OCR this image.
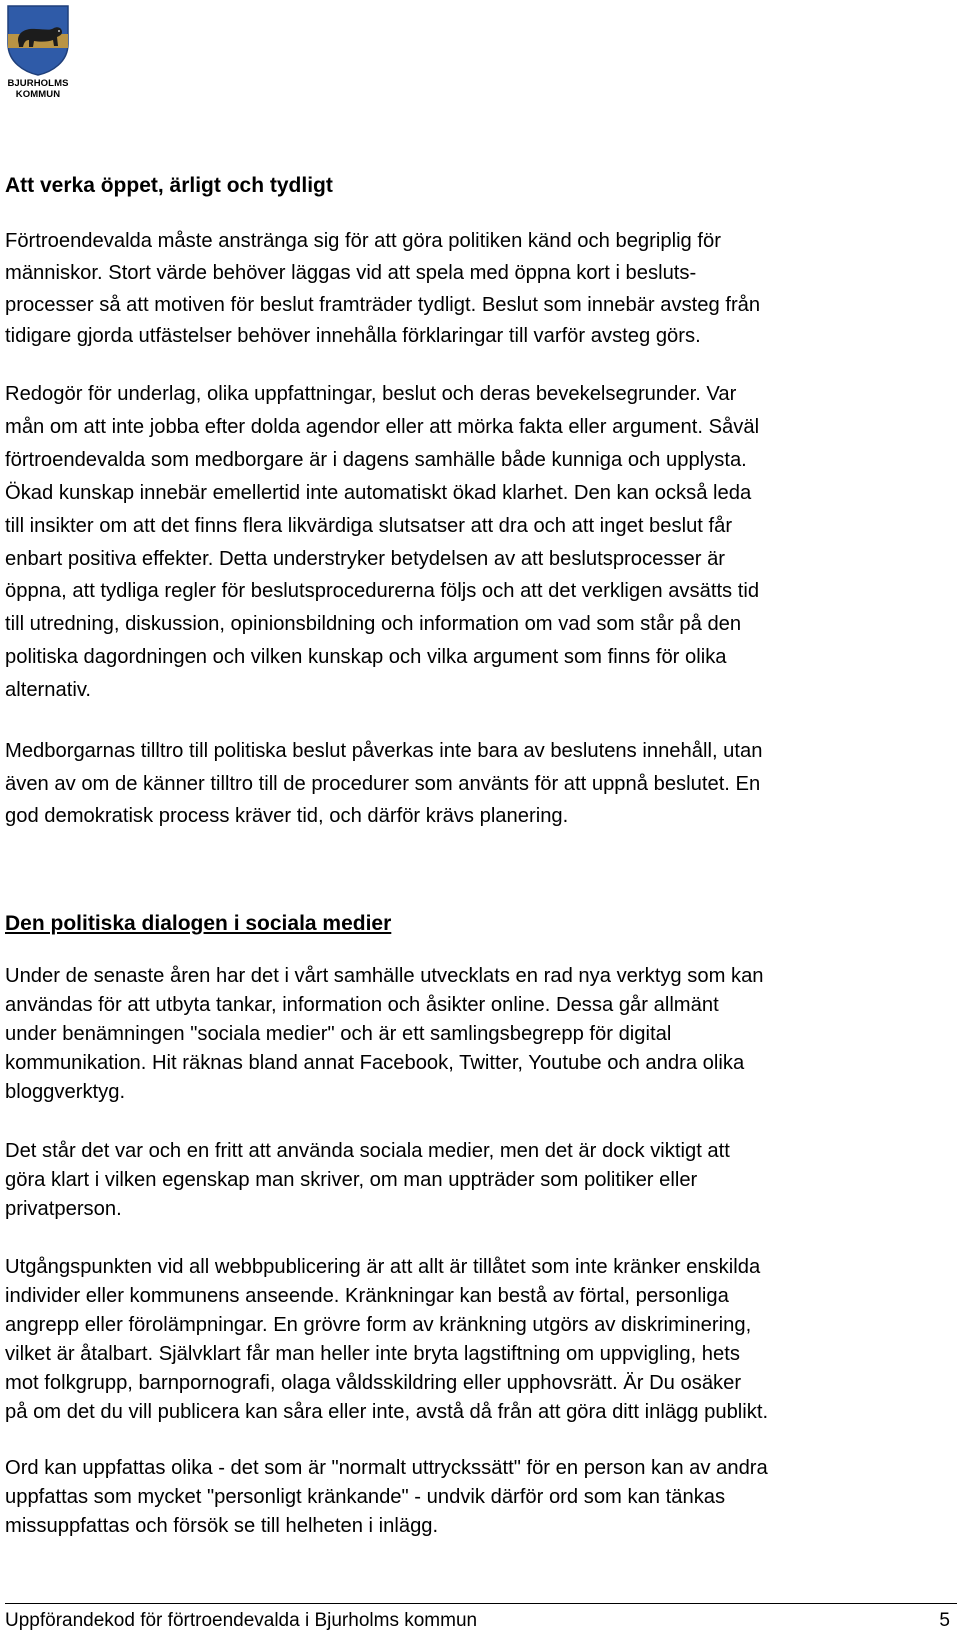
BJURHOLMS
KOMMUN
Att verka öppet, ärligt och tydligt

Förtroendevalda måste anstränga sig för att göra politiken känd och begriplig för
människor. Stort värde behöver läggas vid att spela med öppna kort i besluts-
processer så att motiven för beslut framträder tydligt. Beslut som innebär avsteg från
tidigare gjorda utfästelser behöver innehålla förklaringar till varför avsteg görs.

Redogör för underlag, olika uppfattningar, beslut och deras bevekelsegrunder. Var
mån om att inte jobba efter dolda agendor eller att mörka fakta eller argument. Såväl
förtroendevalda som medborgare är i dagens samhälle både kunniga och upplysta.
Ökad kunskap innebär emellertid inte automatiskt ökad klarhet. Den kan också leda
till insikter om att det finns flera likvärdiga slutsatser att dra och att inget beslut får
enbart positiva effekter. Detta understryker betydelsen av att beslutsprocesser är
öppna, att tydliga regler för beslutsprocedurerna följs och att det verkligen avsätts tid
till utredning, diskussion, opinionsbildning och information om vad som står på den
politiska dagordningen och vilken kunskap och vilka argument som finns för olika
alternativ.

Medborgarnas tilltro till politiska beslut påverkas inte bara av beslutens innehåll, utan
även av om de känner tilltro till de procedurer som använts för att uppnå beslutet. En
god demokratisk process kräver tid, och därför krävs planering.

Den politiska dialogen i sociala medier

Under de senaste åren har det i vårt samhälle utvecklats en rad nya verktyg som kan
användas för att utbyta tankar, information och åsikter online. Dessa går allmänt
under benämningen "sociala medier" och är ett samlingsbegrepp för digital
kommunikation. Hit räknas bland annat Facebook, Twitter, Youtube och andra olika
bloggverktyg.

Det står det var och en fritt att använda sociala medier, men det är dock viktigt att
göra klart i vilken egenskap man skriver, om man uppträder som politiker eller
privatperson.

Utgångspunkten vid all webbpublicering är att allt är tillåtet som inte kränker enskilda
individer eller kommunens anseende. Kränkningar kan bestå av förtal, personliga
angrepp eller förolämpningar. En grövre form av kränkning utgörs av diskriminering,
vilket är åtalbart. Självklart får man heller inte bryta lagstiftning om uppvigling, hets
mot folkgrupp, barnpornografi, olaga våldsskildring eller upphovsrätt. Är Du osäker
på om det du vill publicera kan såra eller inte, avstå då från att göra ditt inlägg publikt.

Ord kan uppfattas olika - det som är "normalt uttryckssätt" för en person kan av andra
uppfattas som mycket "personligt kränkande" - undvik därför ord som kan tänkas
missuppfattas och försök se till helheten i inlägg.

Uppförandekod för förtroendevalda i Bjurholms kommun	5
